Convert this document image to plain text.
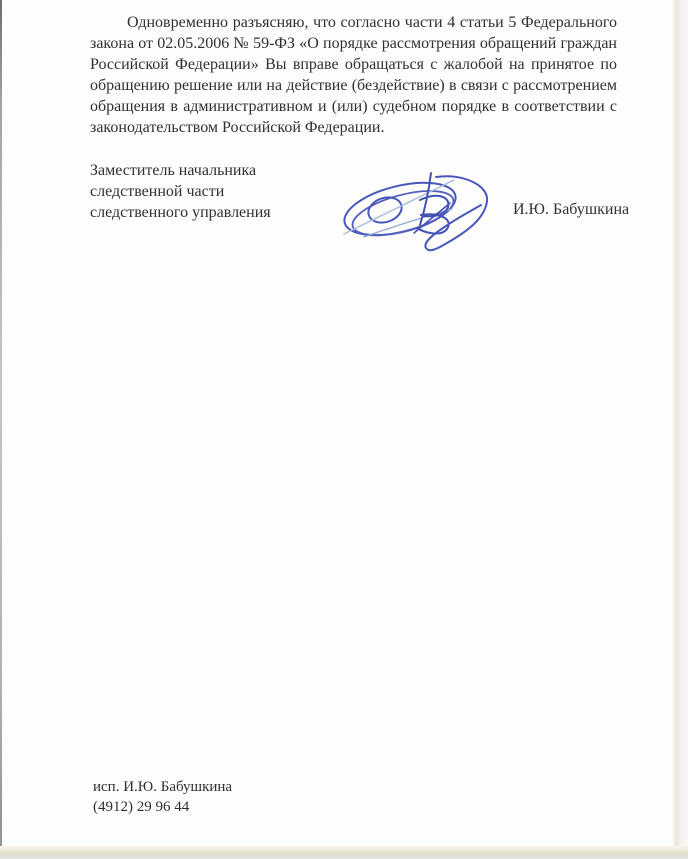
Одновременно разъясняю, что согласно части 4 статьи 5 Федерального
закона от 02.05.2006 № 59-ФЗ «О порядке рассмотрения обращений граждан
Российской Федерации» Вы вправе обращаться с жалобой на принятое по
обращению решение или на действие (бездействие) в связи с рассмотрением
обращения в административном и (или) судебном порядке в соответствии с
законодательством Российской Федерации.
Заместитель начальника
следственной части
следственного управления	И.Ю. Бабушкина
исп. И.Ю. Бабушкина
(4912) 29 96 44
